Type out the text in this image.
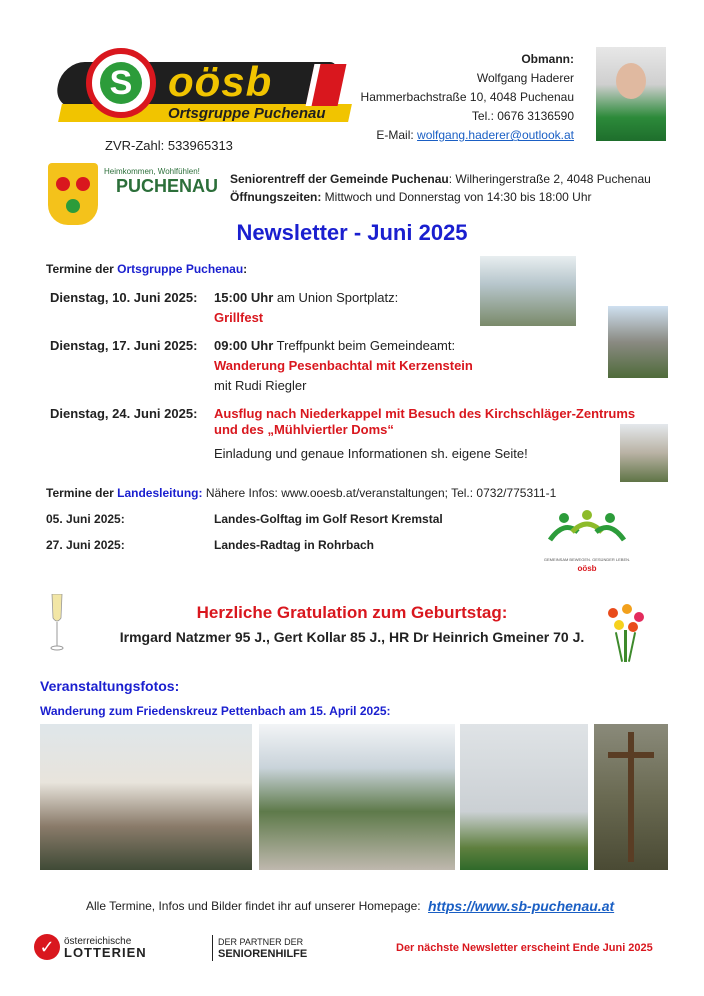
S oösb
Ortsgruppe Puchenau
ZVR-Zahl: 533965313
Obmann:
Wolfgang Haderer
Hammerbachstraße 10, 4048 Puchenau
Tel.: 0676 3136590
E-Mail: wolfgang.haderer@outlook.at
Heimkommen, Wohlfühlen!
PUCHENAU Seniorentreff der Gemeinde Puchenau: Wilheringerstraße 2, 4048 Puchenau
Öffnungszeiten: Mittwoch und Donnerstag von 14:30 bis 18:00 Uhr
Newsletter - Juni 2025
Termine der Ortsgruppe Puchenau:
Dienstag, 10. Juni 2025: 15:00 Uhr am Union Sportplatz:
Grillfest
Dienstag, 17. Juni 2025: 09:00 Uhr Treffpunkt beim Gemeindeamt:
Wanderung Pesenbachtal mit Kerzenstein
mit Rudi Riegler
Dienstag, 24. Juni 2025: Ausflug nach Niederkappel mit Besuch des Kirchschläger-Zentrums und des „Mühlviertler Doms“
Einladung und genaue Informationen sh. eigene Seite!
Termine der Landesleitung: Nähere Infos: www.ooesb.at/veranstaltungen; Tel.: 0732/775311-1
05. Juni 2025:	Landes-Golftag im Golf Resort Kremstal
27. Juni 2025:	Landes-Radtag in Rohrbach
GEMEINSAM BEWEGEN. GESÜNDER LEBEN.
oösb
Herzliche Gratulation zum Geburtstag:
Irmgard Natzmer 95 J., Gert Kollar 85 J., HR Dr Heinrich Gmeiner 70 J.
Veranstaltungsfotos:
Wanderung zum Friedenskreuz Pettenbach am 15. April 2025:
Alle Termine, Infos und Bilder findet ihr auf unserer Homepage: https://www.sb-puchenau.at
✓ österreichische
LOTTERIEN
DER PARTNER DER
SENIORENHILFE	Der nächste Newsletter erscheint Ende Juni 2025
